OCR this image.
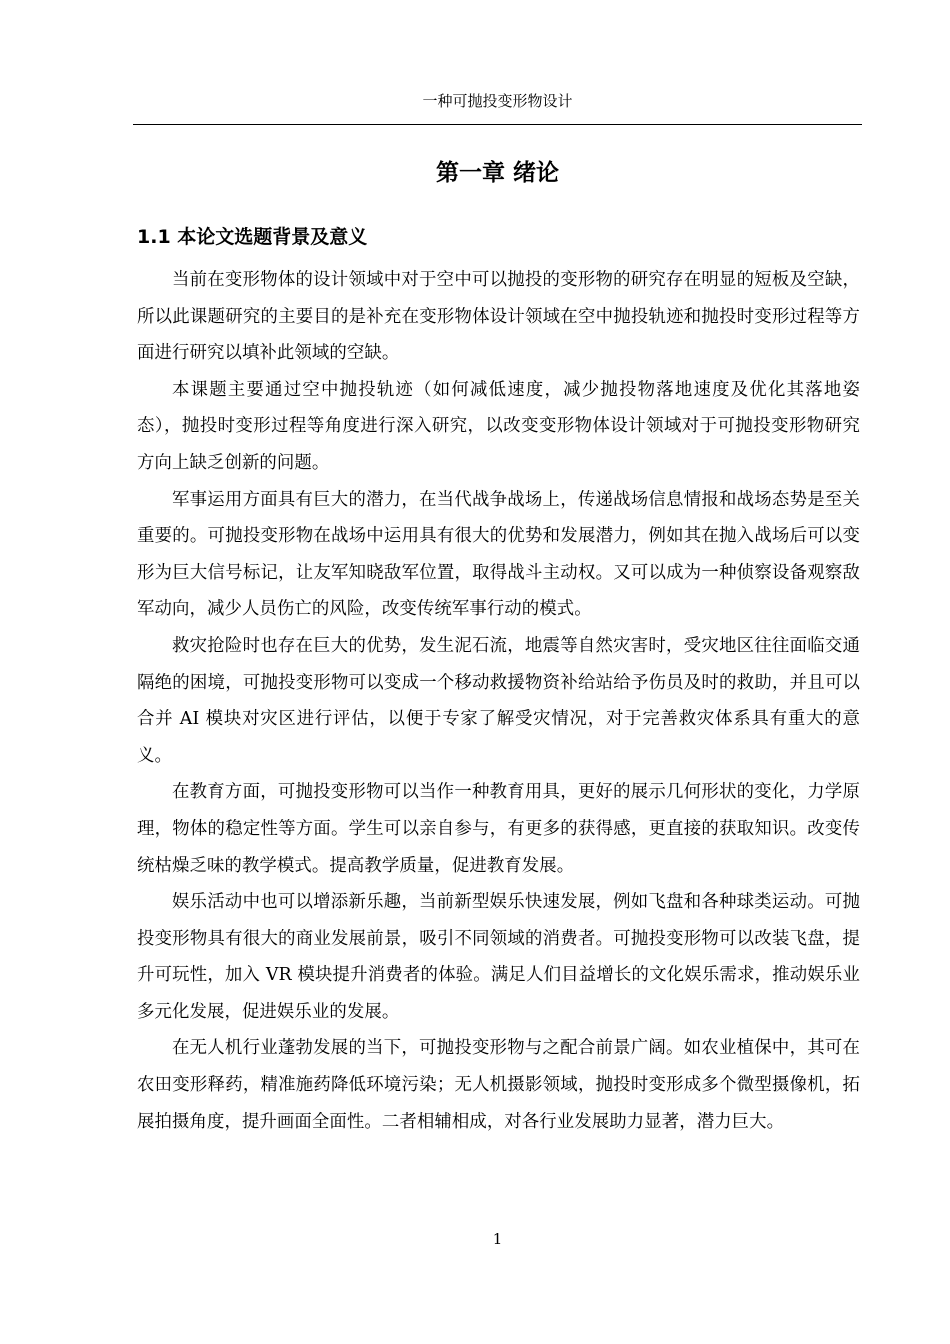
一种可抛投变形物设计
第一章 绪论
1.1 本论文选题背景及意义

当前在变形物体的设计领域中对于空中可以抛投的变形物的研究存在明显的短板及空缺，所以此课题研究的主要目的是补充在变形物体设计领域在空中抛投轨迹和抛投时变形过程等方面进行研究以填补此领域的空缺。

本课题主要通过空中抛投轨迹（如何减低速度，减少抛投物落地速度及优化其落地姿态），抛投时变形过程等角度进行深入研究，以改变变形物体设计领域对于可抛投变形物研究方向上缺乏创新的问题。

军事运用方面具有巨大的潜力，在当代战争战场上，传递战场信息情报和战场态势是至关重要的。可抛投变形物在战场中运用具有很大的优势和发展潜力，例如其在抛入战场后可以变形为巨大信号标记，让友军知晓敌军位置，取得战斗主动权。又可以成为一种侦察设备观察敌军动向，减少人员伤亡的风险，改变传统军事行动的模式。

救灾抢险时也存在巨大的优势，发生泥石流，地震等自然灾害时，受灾地区往往面临交通隔绝的困境，可抛投变形物可以变成一个移动救援物资补给站给予伤员及时的救助，并且可以合并 AI 模块对灾区进行评估，以便于专家了解受灾情况，对于完善救灾体系具有重大的意义。

在教育方面，可抛投变形物可以当作一种教育用具，更好的展示几何形状的变化，力学原理，物体的稳定性等方面。学生可以亲自参与，有更多的获得感，更直接的获取知识。改变传统枯燥乏味的教学模式。提高教学质量，促进教育发展。

娱乐活动中也可以增添新乐趣，当前新型娱乐快速发展，例如飞盘和各种球类运动。可抛投变形物具有很大的商业发展前景，吸引不同领域的消费者。可抛投变形物可以改装飞盘，提升可玩性，加入 VR 模块提升消费者的体验。满足人们目益增长的文化娱乐需求，推动娱乐业多元化发展，促进娱乐业的发展。

在无人机行业蓬勃发展的当下，可抛投变形物与之配合前景广阔。如农业植保中，其可在农田变形释药，精准施药降低环境污染；无人机摄影领域，抛投时变形成多个微型摄像机，拓展拍摄角度，提升画面全面性。二者相辅相成，对各行业发展助力显著，潜力巨大。

1
